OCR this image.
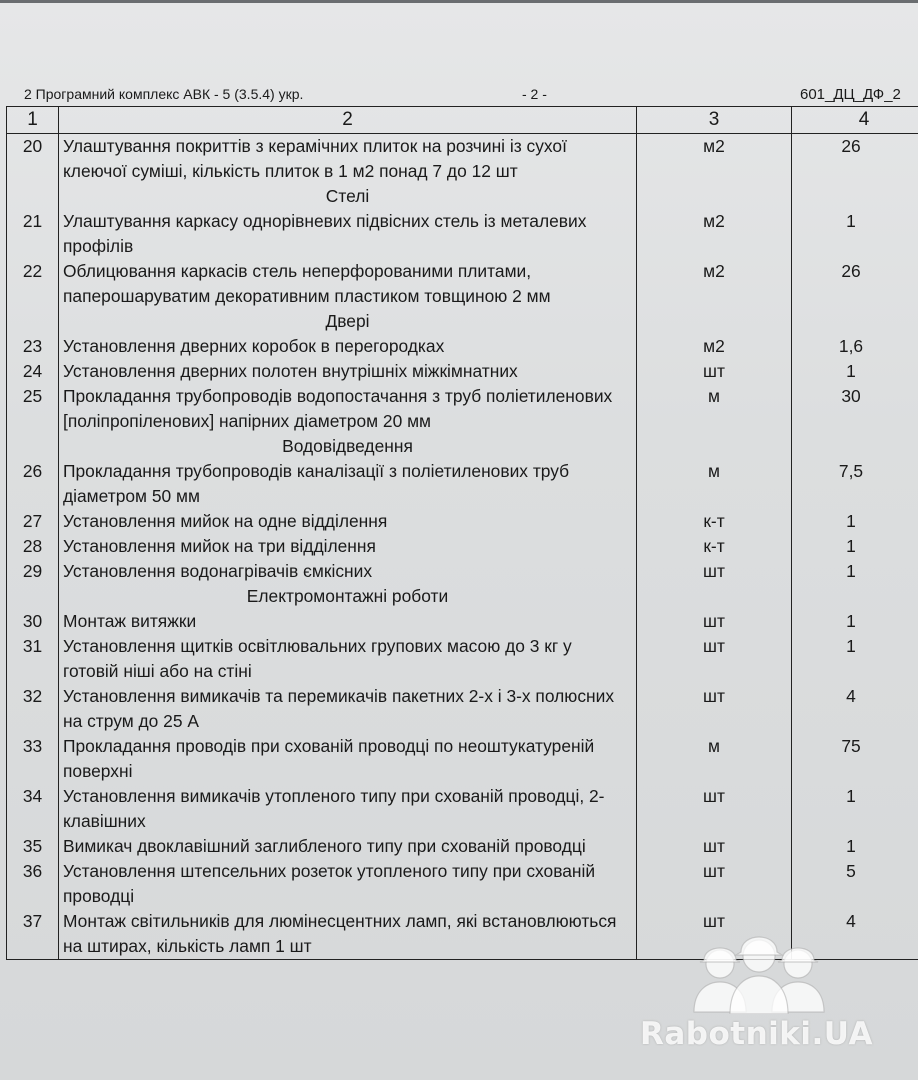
2 Програмний комплекс АВК - 5 (3.5.4) укр.	- 2 -	601_ДЦ_ДФ_2
1	2	3	4
20	Улаштування покриттів з керамічних плиток на розчині із сухої клеючої суміші, кількість плиток в 1 м2 понад 7 до 12 шт	м2	26
	Стелі		
21	Улаштування каркасу однорівневих підвісних стель із металевих профілів	м2	1
22	Облицювання каркасів стель неперфорованими плитами, паперошаруватим декоративним пластиком товщиною 2 мм	м2	26
	Двері		
23	Установлення дверних коробок в перегородках	м2	1,6
24	Установлення дверних полотен внутрішніх міжкімнатних	шт	1
25	Прокладання трубопроводів водопостачання з труб поліетиленових [поліпропіленових] напірних діаметром 20 мм	м	30
	Водовідведення		
26	Прокладання трубопроводів каналізації з поліетиленових труб діаметром 50 мм	м	7,5
27	Установлення мийок на одне відділення	к-т	1
28	Установлення мийок на три відділення	к-т	1
29	Установлення водонагрівачів ємкісних	шт	1
	Електромонтажні роботи		
30	Монтаж витяжки	шт	1
31	Установлення щитків освітлювальних групових масою до 3 кг у готовій ніші або на стіні	шт	1
32	Установлення вимикачів та перемикачів пакетних 2-х і 3-х полюсних на струм до 25 А	шт	4
33	Прокладання проводів при схованій проводці по неоштукатуреній поверхні	м	75
34	Установлення вимикачів утопленого типу при схованій проводці, 2-клавішних	шт	1
35	Вимикач двоклавішний заглибленого типу при схованій проводці	шт	1
36	Установлення штепсельних розеток утопленого типу при схованій проводці	шт	5
37	Монтаж світильників для люмінесцентних ламп, які встановлюються на штирах, кількість ламп 1 шт	шт	4
Rabotniki.UA
